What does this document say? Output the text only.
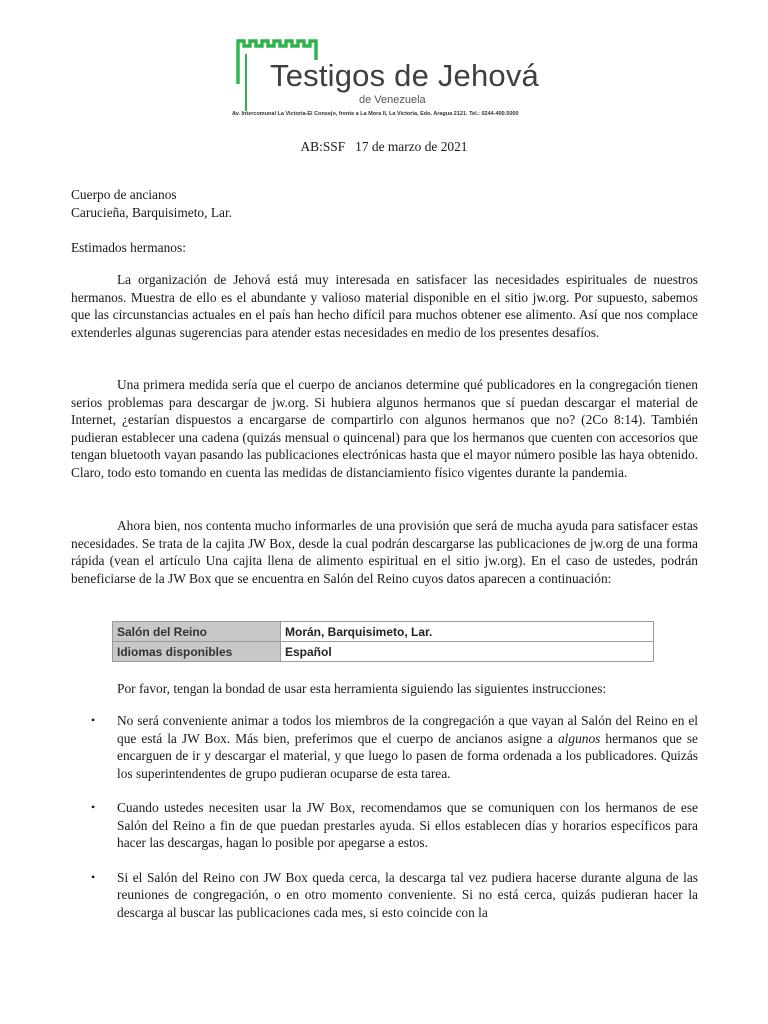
Testigos de Jehová
de Venezuela
Av. Intercomunal La Victoria-El Consejo, frente a La Mora II, La Victoria, Edo. Aragua 2121. Tel.: 0244-400.5000
AB:SSF 17 de marzo de 2021

Cuerpo de ancianos

Carucieña, Barquisimeto, Lar.

Estimados hermanos:

La organización de Jehová está muy interesada en satisfacer las necesidades espirituales de nuestros hermanos. Muestra de ello es el abundante y valioso material disponible en el sitio jw.org. Por supuesto, sabemos que las circunstancias actuales en el país han hecho difícil para muchos obtener ese alimento. Así que nos complace extenderles algunas sugerencias para atender estas necesidades en medio de los presentes desafíos.

Una primera medida sería que el cuerpo de ancianos determine qué publicadores en la congregación tienen serios problemas para descargar de jw.org. Si hubiera algunos hermanos que sí puedan descargar el material de Internet, ¿estarían dispuestos a encargarse de compartirlo con algunos hermanos que no? (2Co 8:14). También pudieran establecer una cadena (quizás mensual o quincenal) para que los hermanos que cuenten con accesorios que tengan bluetooth vayan pasando las publicaciones electrónicas hasta que el mayor número posible las haya obtenido. Claro, todo esto tomando en cuenta las medidas de distanciamiento físico vigentes durante la pandemia.

Ahora bien, nos contenta mucho informarles de una provisión que será de mucha ayuda para satisfacer estas necesidades. Se trata de la cajita JW Box, desde la cual podrán descargarse las publicaciones de jw.org de una forma rápida (vean el artículo Una cajita llena de alimento espiritual en el sitio jw.org). En el caso de ustedes, podrán beneficiarse de la JW Box que se encuentra en Salón del Reino cuyos datos aparecen a continuación:

Salón del Reino	Morán, Barquisimeto, Lar.
Idiomas disponibles	Español
Por favor, tengan la bondad de usar esta herramienta siguiendo las siguientes instrucciones:
• No será conveniente animar a todos los miembros de la congregación a que vayan al Salón del Reino en el que está la JW Box. Más bien, preferimos que el cuerpo de ancianos asigne a algunos hermanos que se encarguen de ir y descargar el material, y que luego lo pasen de forma ordenada a los publicadores. Quizás los superintendentes de grupo pudieran ocuparse de esta tarea.
• Cuando ustedes necesiten usar la JW Box, recomendamos que se comuniquen con los hermanos de ese Salón del Reino a fin de que puedan prestarles ayuda. Si ellos establecen días y horarios específicos para hacer las descargas, hagan lo posible por apegarse a estos.
• Si el Salón del Reino con JW Box queda cerca, la descarga tal vez pudiera hacerse durante alguna de las reuniones de congregación, o en otro momento conveniente. Si no está cerca, quizás pudieran hacer la descarga al buscar las publicaciones cada mes, si esto coincide con la
